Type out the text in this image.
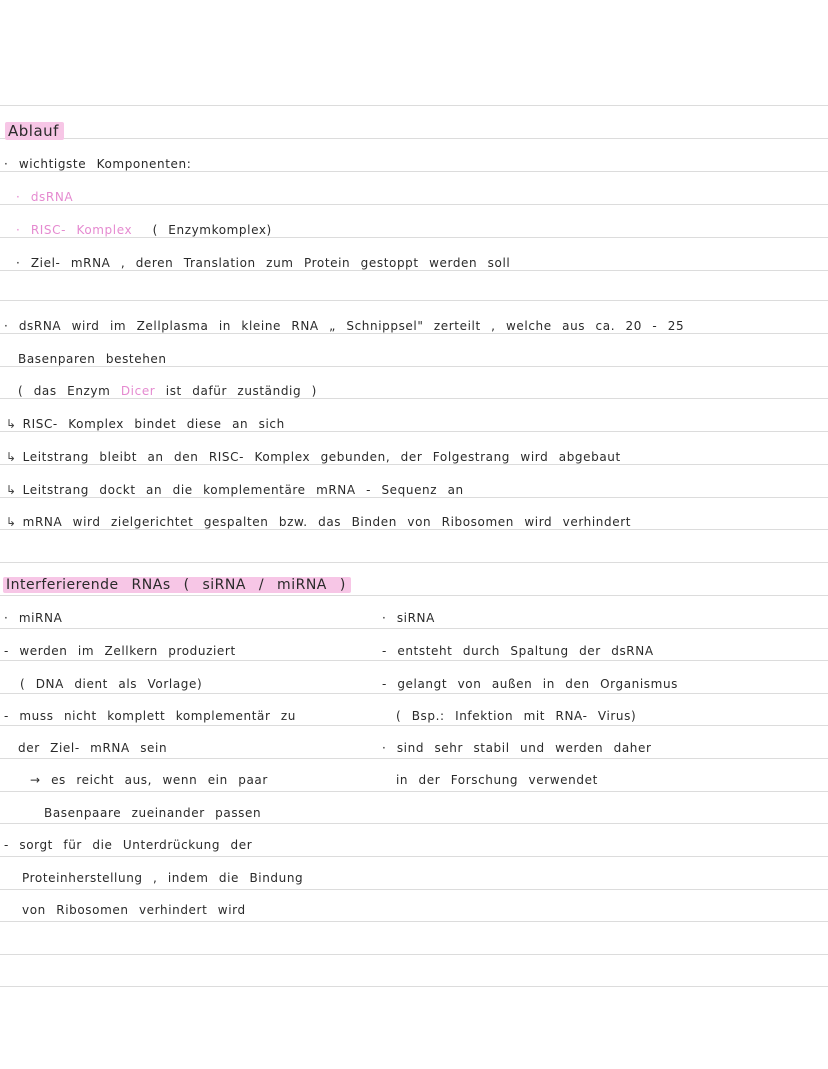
Ablauf
· wichtigste Komponenten:
· dsRNA
· RISC- Komplex ( Enzymkomplex)
· Ziel- mRNA , deren Translation zum Protein gestoppt werden soll
· dsRNA wird im Zellplasma in kleine RNA „ Schnippsel" zerteilt , welche aus ca. 20 - 25
Basenparen bestehen
( das Enzym Dicer ist dafür zuständig )
↳ RISC- Komplex bindet diese an sich
↳ Leitstrang bleibt an den RISC- Komplex gebunden, der Folgestrang wird abgebaut
↳ Leitstrang dockt an die komplementäre mRNA - Sequenz an
↳ mRNA wird zielgerichtet gespalten bzw. das Binden von Ribosomen wird verhindert
Interferierende RNAs ( siRNA / miRNA )
· miRNA
- werden im Zellkern produziert
( DNA dient als Vorlage)
- muss nicht komplett komplementär zu
der Ziel- mRNA sein
→ es reicht aus, wenn ein paar
Basenpaare zueinander passen
- sorgt für die Unterdrückung der
Proteinherstellung , indem die Bindung
von Ribosomen verhindert wird
· siRNA
- entsteht durch Spaltung der dsRNA
- gelangt von außen in den Organismus
( Bsp.: Infektion mit RNA- Virus)
· sind sehr stabil und werden daher
in der Forschung verwendet
